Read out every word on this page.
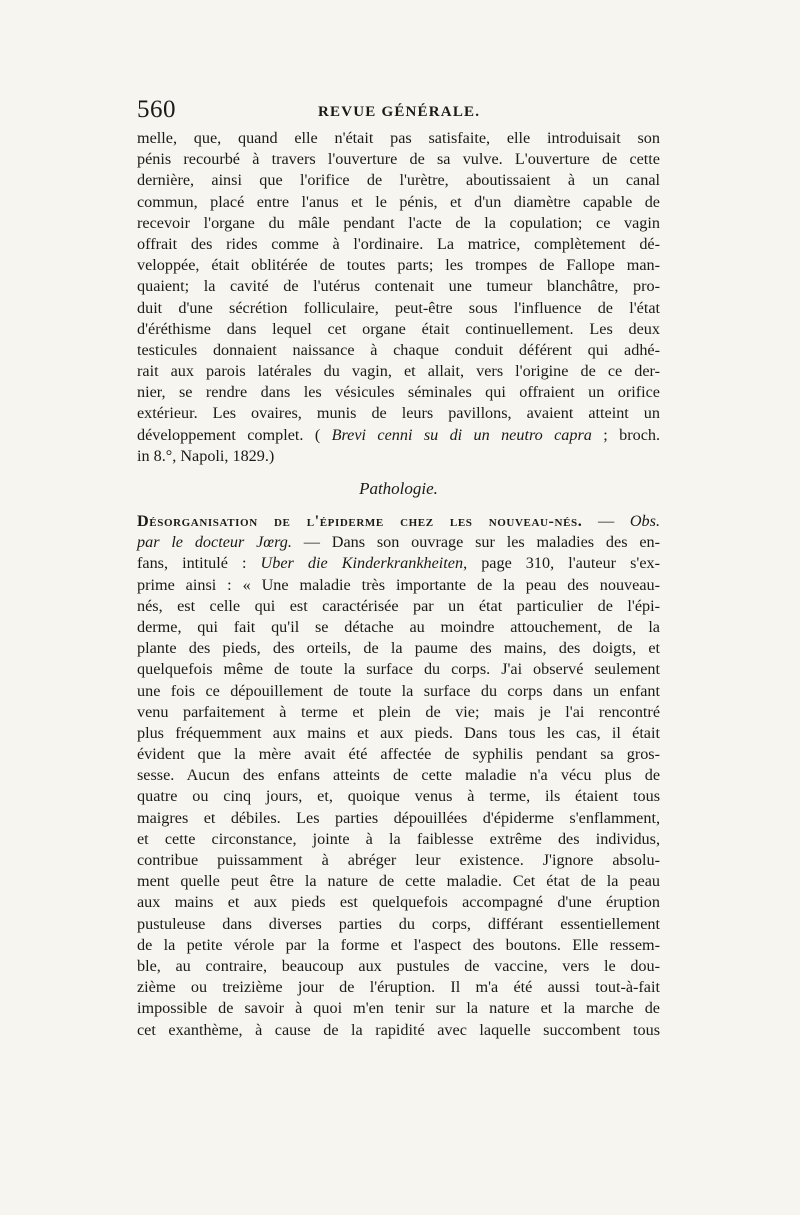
560	REVUE GÉNÉRALE.
melle, que, quand elle n'était pas satisfaite, elle introduisait son
pénis recourbé à travers l'ouverture de sa vulve. L'ouverture de cette
dernière, ainsi que l'orifice de l'urètre, aboutissaient à un canal
commun, placé entre l'anus et le pénis, et d'un diamètre capable de
recevoir l'organe du mâle pendant l'acte de la copulation; ce vagin
offrait des rides comme à l'ordinaire. La matrice, complètement dé-
veloppée, était oblitérée de toutes parts; les trompes de Fallope man-
quaient; la cavité de l'utérus contenait une tumeur blanchâtre, pro-
duit d'une sécrétion folliculaire, peut-être sous l'influence de l'état
d'éréthisme dans lequel cet organe était continuellement. Les deux
testicules donnaient naissance à chaque conduit déférent qui adhé-
rait aux parois latérales du vagin, et allait, vers l'origine de ce der-
nier, se rendre dans les vésicules séminales qui offraient un orifice
extérieur. Les ovaires, munis de leurs pavillons, avaient atteint un
développement complet. ( Brevi cenni su di un neutro capra ; broch.
in 8.°, Napoli, 1829.)
Pathologie.
Désorganisation de l'épiderme chez les nouveau-nés. — Obs.
par le docteur Jœrg. — Dans son ouvrage sur les maladies des en-
fans, intitulé : Uber die Kinderkrankheiten, page 310, l'auteur s'ex-
prime ainsi : « Une maladie très importante de la peau des nouveau-
nés, est celle qui est caractérisée par un état particulier de l'épi-
derme, qui fait qu'il se détache au moindre attouchement, de la
plante des pieds, des orteils, de la paume des mains, des doigts, et
quelquefois même de toute la surface du corps. J'ai observé seulement
une fois ce dépouillement de toute la surface du corps dans un enfant
venu parfaitement à terme et plein de vie; mais je l'ai rencontré
plus fréquemment aux mains et aux pieds. Dans tous les cas, il était
évident que la mère avait été affectée de syphilis pendant sa gros-
sesse. Aucun des enfans atteints de cette maladie n'a vécu plus de
quatre ou cinq jours, et, quoique venus à terme, ils étaient tous
maigres et débiles. Les parties dépouillées d'épiderme s'enflamment,
et cette circonstance, jointe à la faiblesse extrême des individus,
contribue puissamment à abréger leur existence. J'ignore absolu-
ment quelle peut être la nature de cette maladie. Cet état de la peau
aux mains et aux pieds est quelquefois accompagné d'une éruption
pustuleuse dans diverses parties du corps, différant essentiellement
de la petite vérole par la forme et l'aspect des boutons. Elle ressem-
ble, au contraire, beaucoup aux pustules de vaccine, vers le dou-
zième ou treizième jour de l'éruption. Il m'a été aussi tout-à-fait
impossible de savoir à quoi m'en tenir sur la nature et la marche de
cet exanthème, à cause de la rapidité avec laquelle succombent tous
